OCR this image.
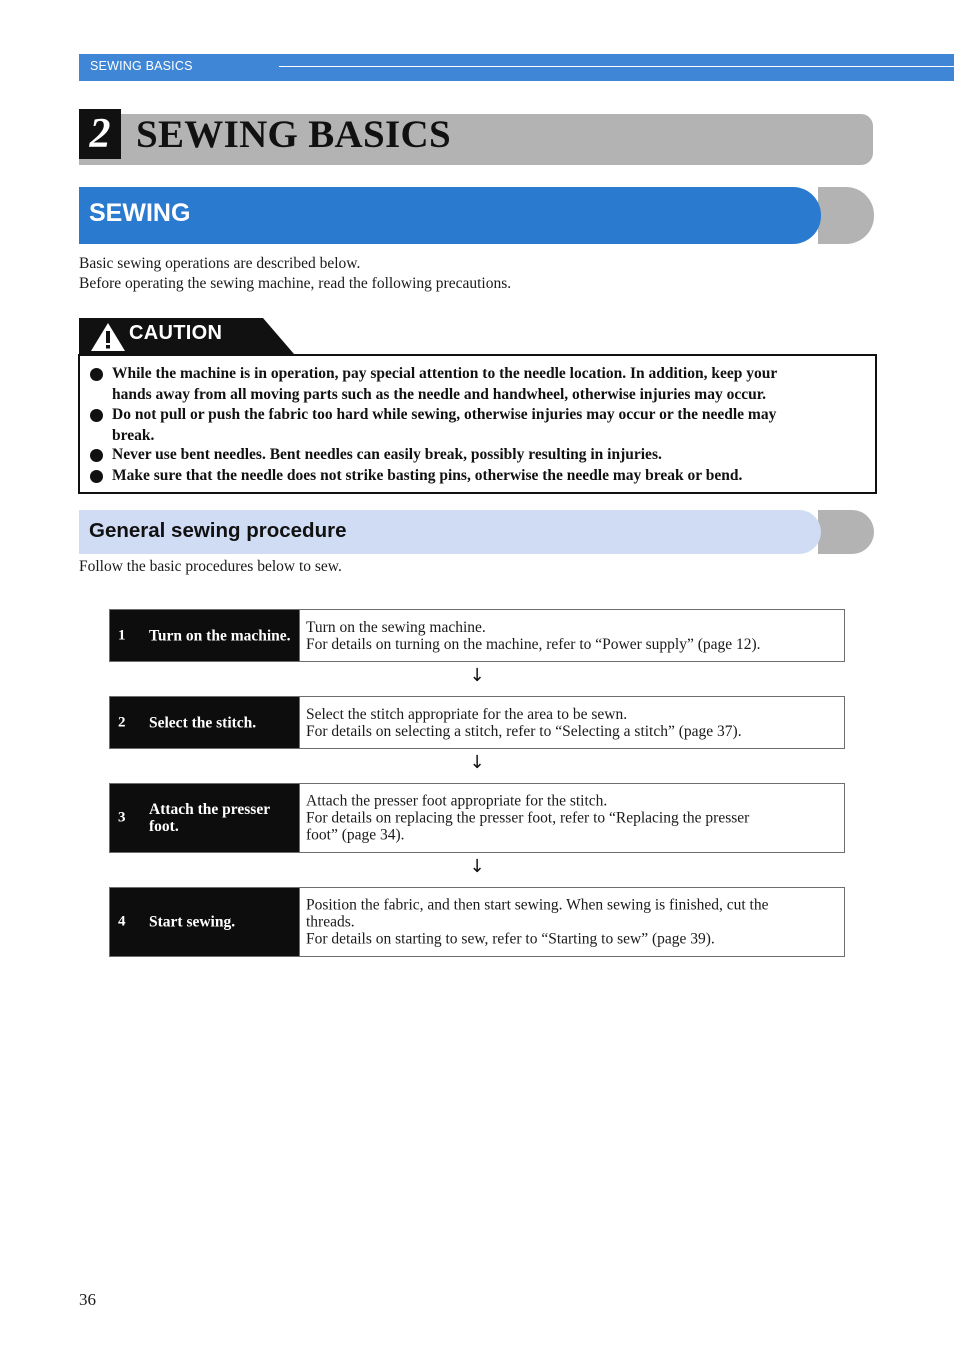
SEWING BASICS
2 SEWING BASICS
SEWING
Basic sewing operations are described below.
Before operating the sewing machine, read the following precautions.
CAUTION
While the machine is in operation, pay special attention to the needle location. In addition, keep your
hands away from all moving parts such as the needle and handwheel, otherwise injuries may occur.
Do not pull or push the fabric too hard while sewing, otherwise injuries may occur or the needle may
break.
Never use bent needles. Bent needles can easily break, possibly resulting in injuries.
Make sure that the needle does not strike basting pins, otherwise the needle may break or bend.
General sewing procedure
Follow the basic procedures below to sew.
1 Turn on the machine. Turn on the sewing machine.
For details on turning on the machine, refer to “Power supply” (page 12).
↓
2 Select the stitch.	Select the stitch appropriate for the area to be sewn.
For details on selecting a stitch, refer to “Selecting a stitch” (page 37).
↓
3 Attach the presser foot.
Attach the presser foot appropriate for the stitch.
For details on replacing the presser foot, refer to “Replacing the presser
foot” (page 34).
↓
4 Start sewing.
Position the fabric, and then start sewing. When sewing is finished, cut the
threads.
For details on starting to sew, refer to “Starting to sew” (page 39).
36
